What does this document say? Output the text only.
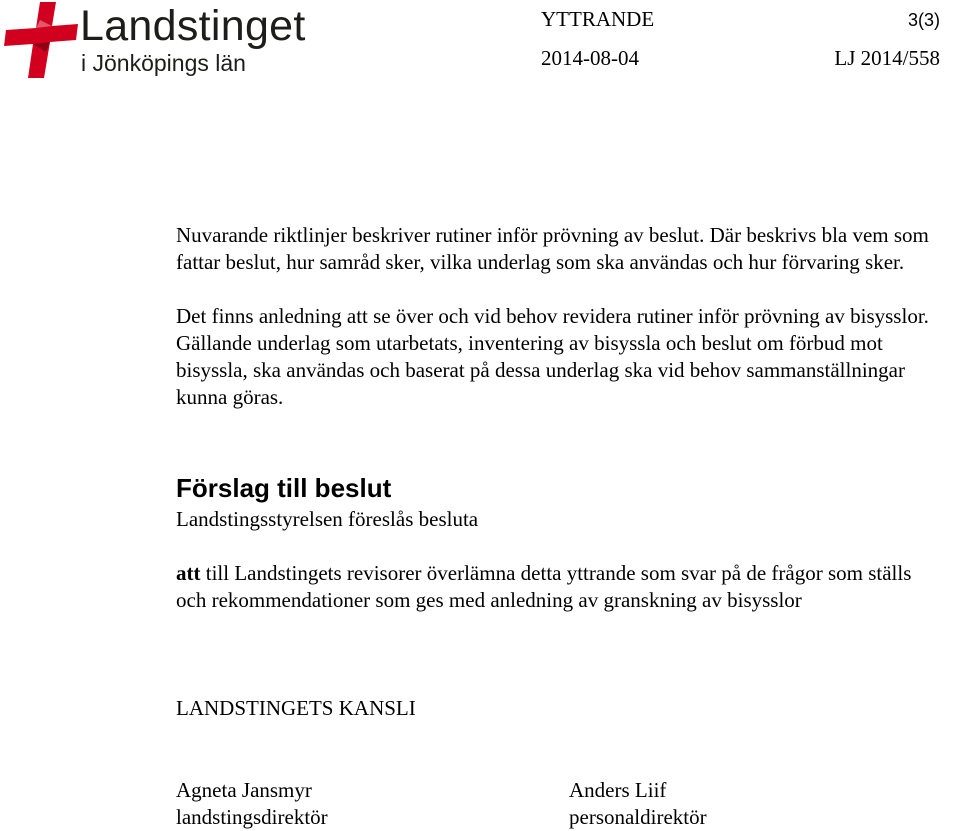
Landstinget
i Jönköpings län
YTTRANDE	3(3)
2014-08-04	LJ 2014/558
Nuvarande riktlinjer beskriver rutiner inför prövning av beslut. Där beskrivs bla vem som fattar beslut, hur samråd sker, vilka underlag som ska användas och hur förvaring sker.
Det finns anledning att se över och vid behov revidera rutiner inför prövning av bisysslor. Gällande underlag som utarbetats, inventering av bisyssla och beslut om förbud mot bisyssla, ska användas och baserat på dessa underlag ska vid behov sammanställningar kunna göras.
Förslag till beslut
Landstingsstyrelsen föreslås besluta
att till Landstingets revisorer överlämna detta yttrande som svar på de frågor som ställs och rekommendationer som ges med anledning av granskning av bisysslor
LANDSTINGETS KANSLI
Agneta Jansmyr
landstingsdirektör
Anders Liif
personaldirektör
